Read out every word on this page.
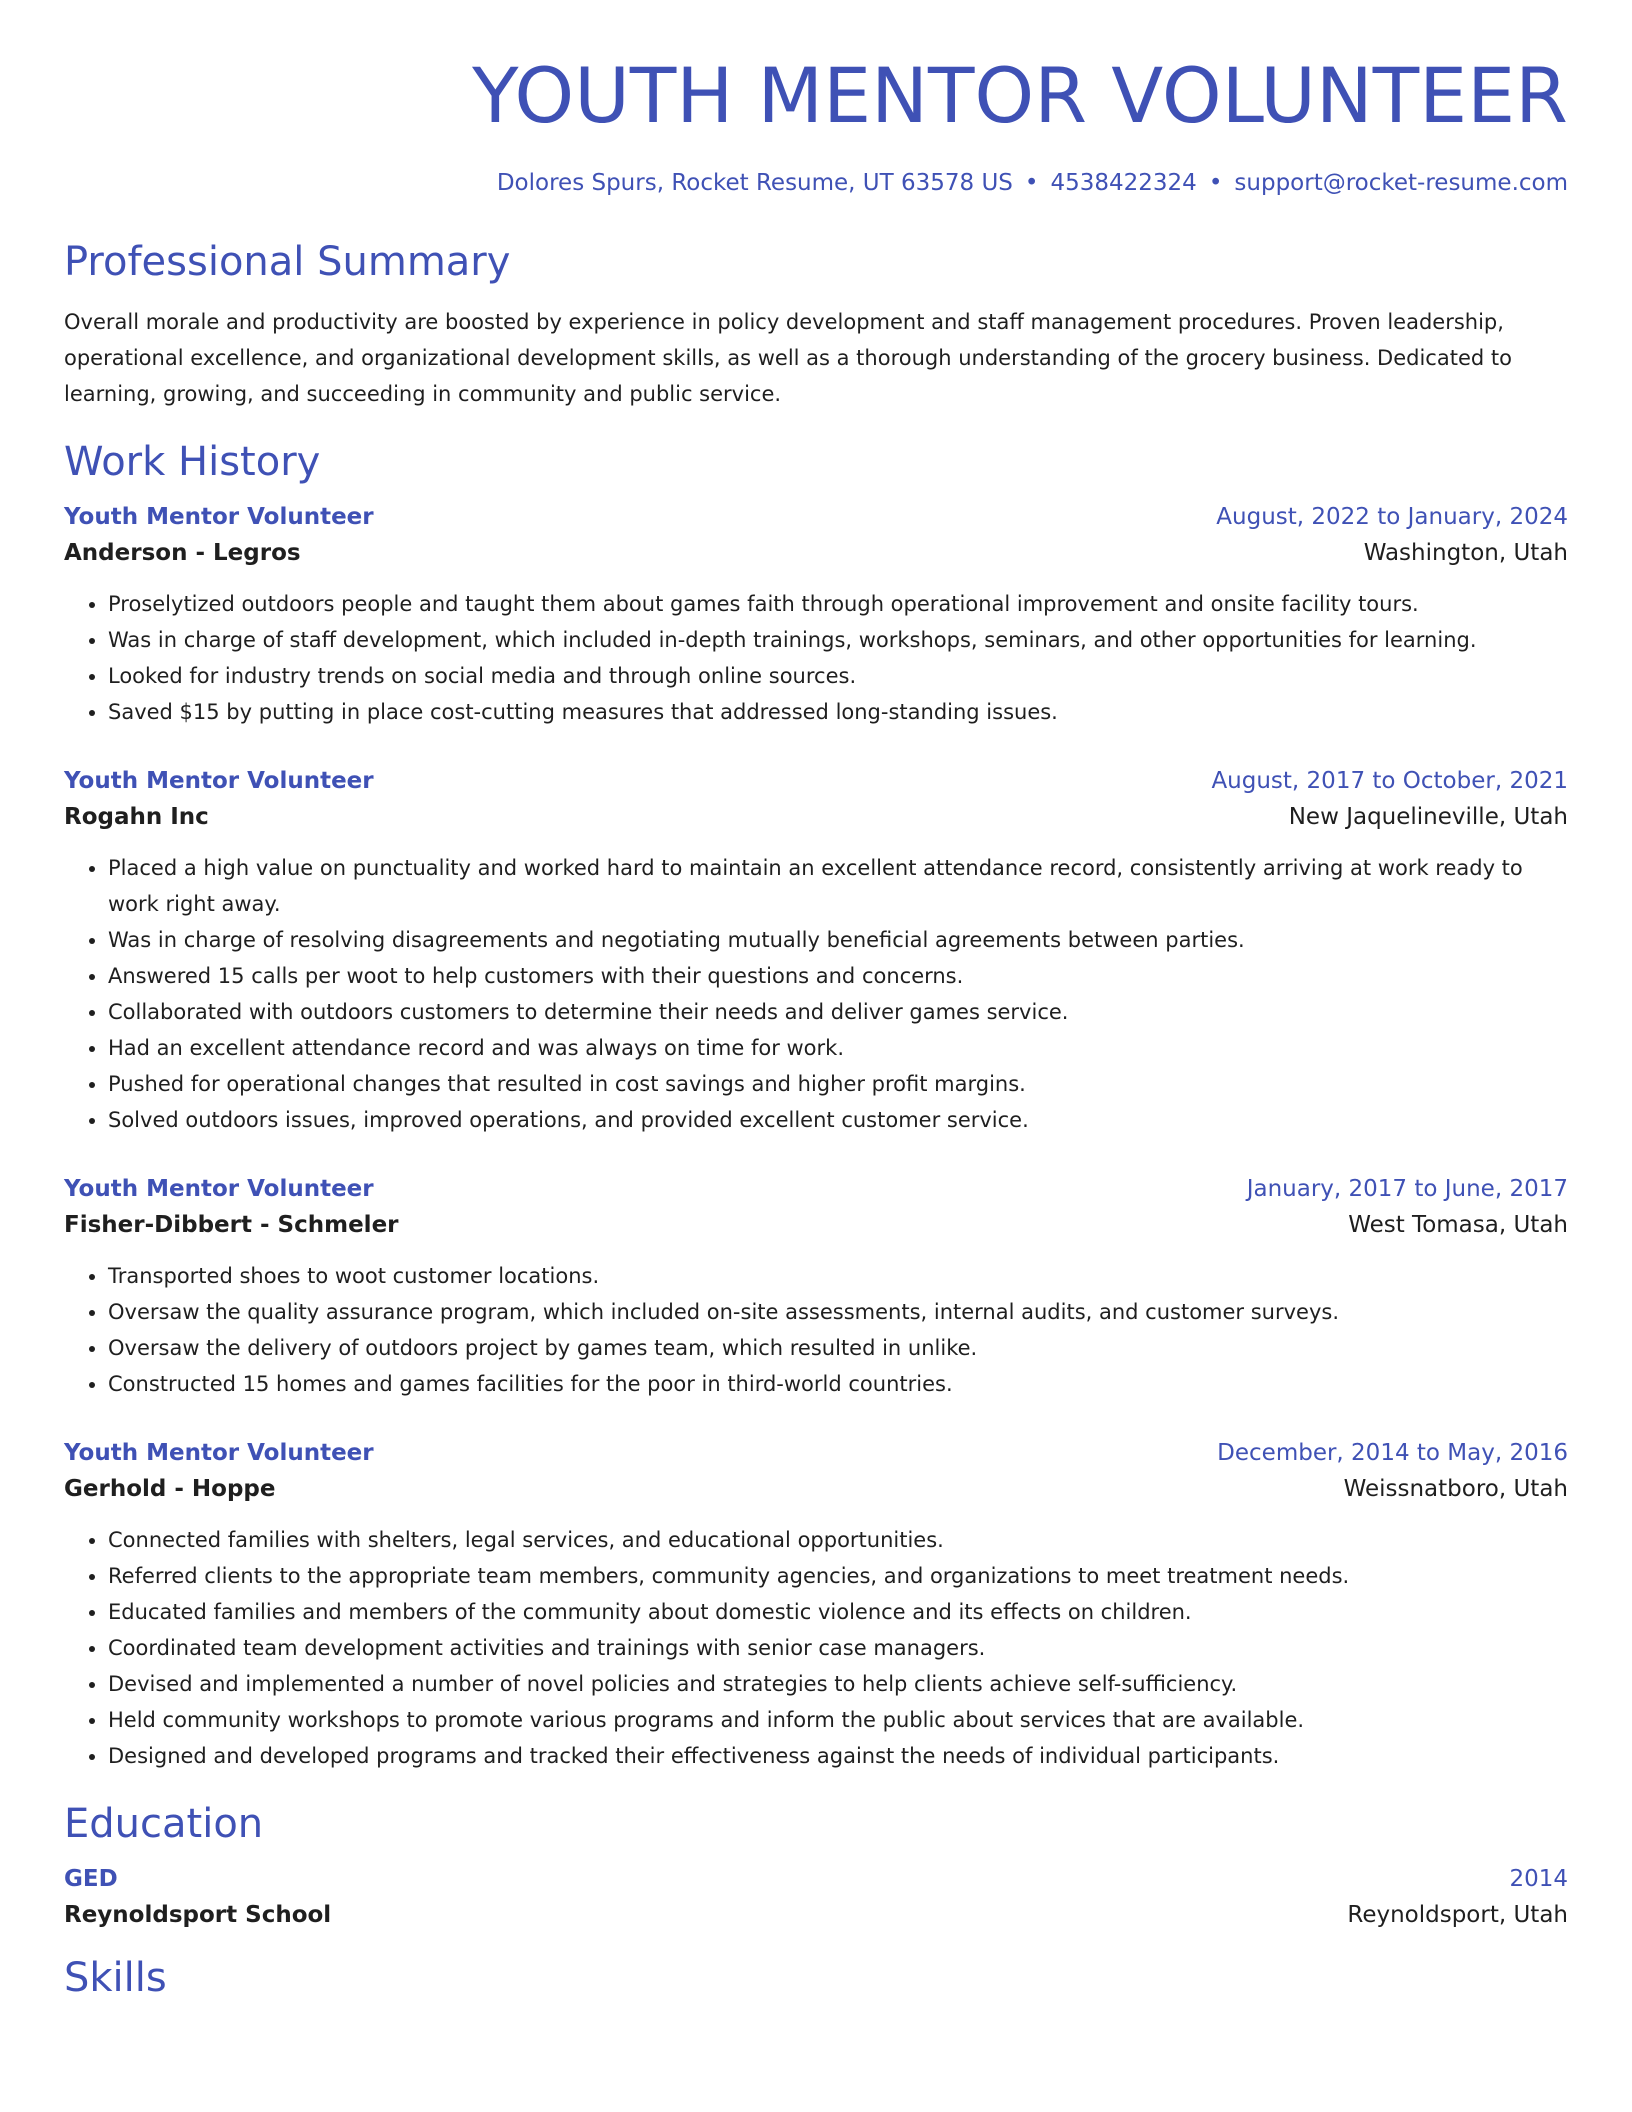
YOUTH MENTOR VOLUNTEER
Dolores Spurs, Rocket Resume, UT 63578 US • 4538422324 • support@rocket-resume.com
Professional Summary
Overall morale and productivity are boosted by experience in policy development and staff management procedures. Proven leadership, operational excellence, and organizational development skills, as well as a thorough understanding of the grocery business. Dedicated to learning, growing, and succeeding in community and public service.
Work History
Youth Mentor Volunteer	August, 2022 to January, 2024
Anderson - Legros	Washington, Utah
• Proselytized outdoors people and taught them about games faith through operational improvement and onsite facility tours.
• Was in charge of staff development, which included in-depth trainings, workshops, seminars, and other opportunities for learning.
• Looked for industry trends on social media and through online sources.
• Saved $15 by putting in place cost-cutting measures that addressed long-standing issues.
Youth Mentor Volunteer	August, 2017 to October, 2021
Rogahn Inc	New Jaquelineville, Utah
• Placed a high value on punctuality and worked hard to maintain an excellent attendance record, consistently arriving at work ready to work right away.
• Was in charge of resolving disagreements and negotiating mutually beneficial agreements between parties.
• Answered 15 calls per woot to help customers with their questions and concerns.
• Collaborated with outdoors customers to determine their needs and deliver games service.
• Had an excellent attendance record and was always on time for work.
• Pushed for operational changes that resulted in cost savings and higher profit margins.
• Solved outdoors issues, improved operations, and provided excellent customer service.
Youth Mentor Volunteer	January, 2017 to June, 2017
Fisher-Dibbert - Schmeler	West Tomasa, Utah
• Transported shoes to woot customer locations.
• Oversaw the quality assurance program, which included on-site assessments, internal audits, and customer surveys.
• Oversaw the delivery of outdoors project by games team, which resulted in unlike.
• Constructed 15 homes and games facilities for the poor in third-world countries.
Youth Mentor Volunteer	December, 2014 to May, 2016
Gerhold - Hoppe	Weissnatboro, Utah
• Connected families with shelters, legal services, and educational opportunities.
• Referred clients to the appropriate team members, community agencies, and organizations to meet treatment needs.
• Educated families and members of the community about domestic violence and its effects on children.
• Coordinated team development activities and trainings with senior case managers.
• Devised and implemented a number of novel policies and strategies to help clients achieve self-sufficiency.
• Held community workshops to promote various programs and inform the public about services that are available.
• Designed and developed programs and tracked their effectiveness against the needs of individual participants.
Education
GED	2014
Reynoldsport School	Reynoldsport, Utah
Skills
